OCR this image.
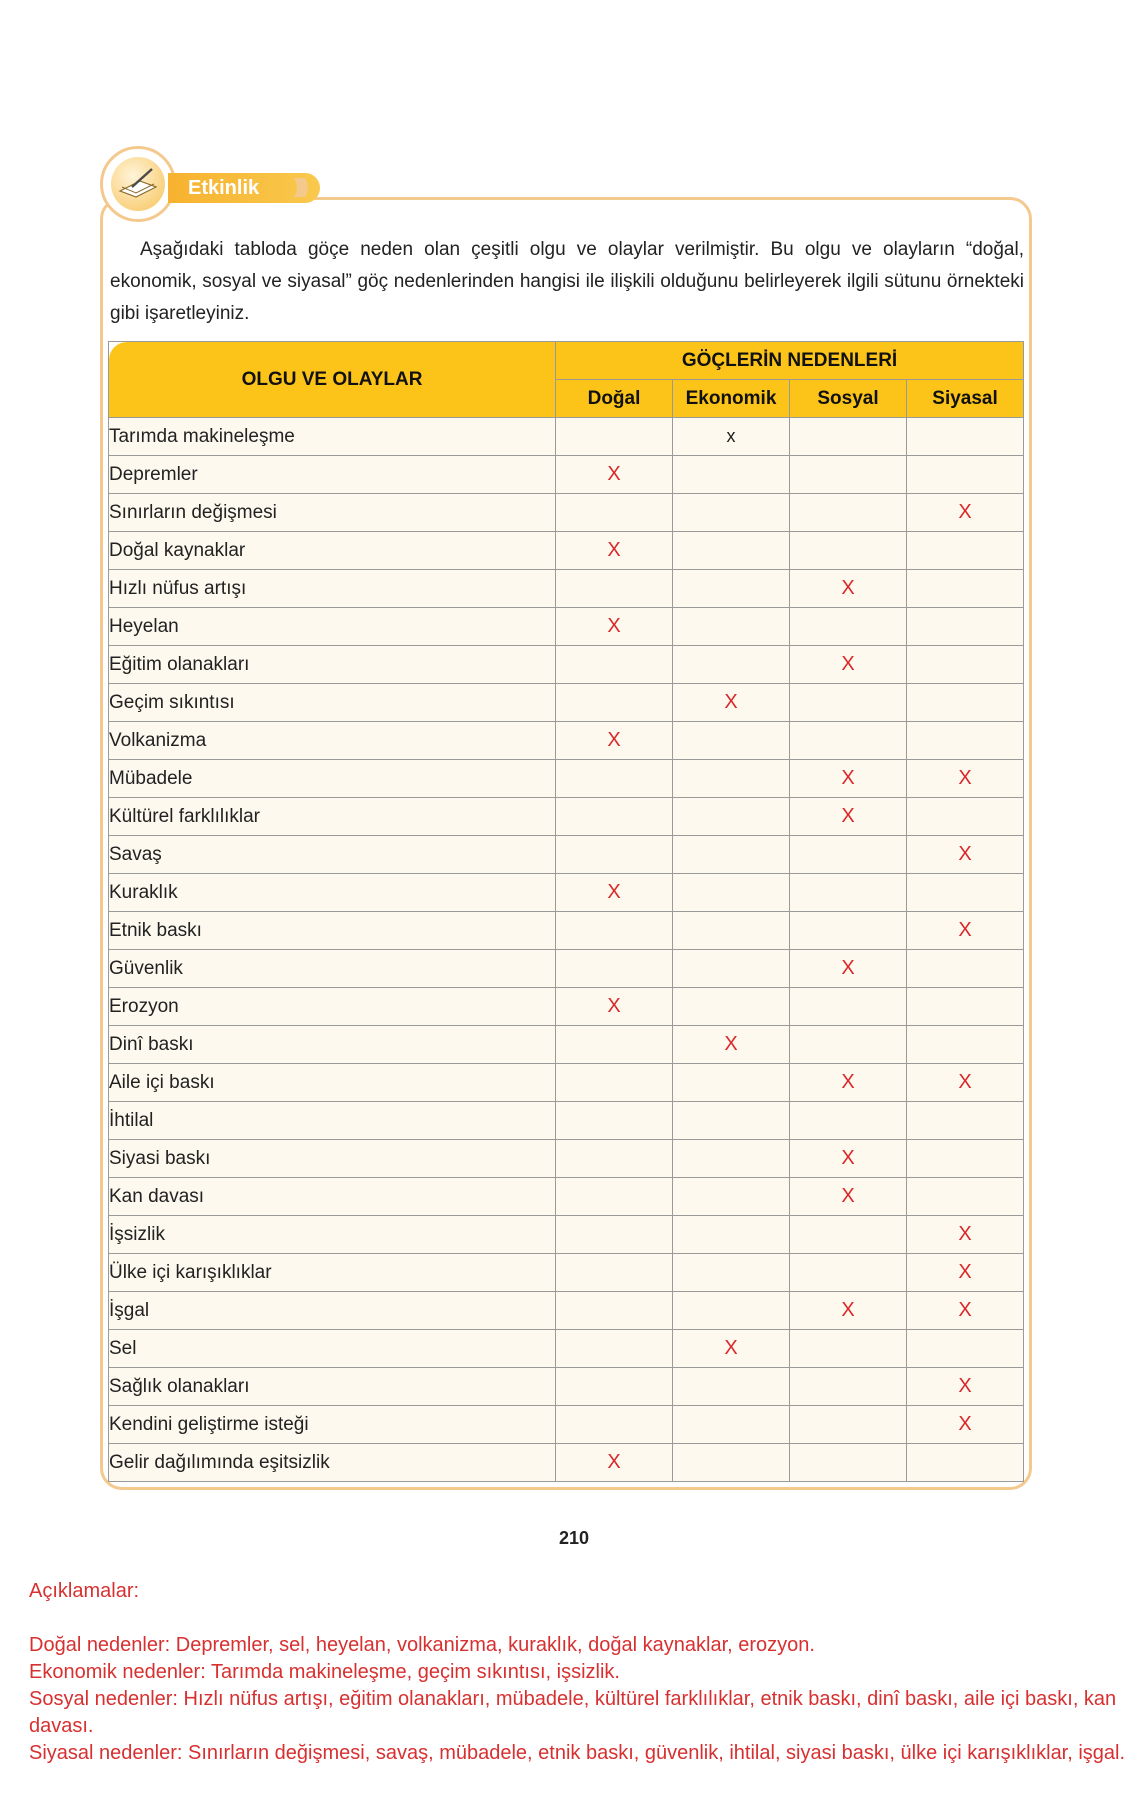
Etkinlik	))))

Aşağıdaki tabloda göçe neden olan çeşitli olgu ve olaylar verilmiştir. Bu olgu ve olayların “doğal, ekonomik, sosyal ve siyasal” göç nedenlerinden hangisi ile ilişkili olduğunu belirleyerek ilgili sütunu örnekteki gibi işaretleyiniz.

OLGU VE OLAYLAR	GÖÇLERİN NEDENLERİ			
	Doğal	Ekonomik	Sosyal	Siyasal
Tarımda makineleşme		x		
Depremler	X			
Sınırların değişmesi				X
Doğal kaynaklar	X			
Hızlı nüfus artışı			X	
Heyelan	X			
Eğitim olanakları			X	
Geçim sıkıntısı		X		
Volkanizma	X			
Mübadele			X	X
Kültürel farklılıklar			X	
Savaş				X
Kuraklık	X			
Etnik baskı				X
Güvenlik			X	
Erozyon	X			
Dinî baskı		X		
Aile içi baskı			X	X
İhtilal				
Siyasi baskı			X	
Kan davası			X	
İşsizlik				X
Ülke içi karışıklıklar				X
İşgal			X	X
Sel		X		
Sağlık olanakları				X
Kendini geliştirme isteği				X
Gelir dağılımında eşitsizlik	X			
210
Açıklamalar:

Doğal nedenler: Depremler, sel, heyelan, volkanizma, kuraklık, doğal kaynaklar, erozyon.

Ekonomik nedenler: Tarımda makineleşme, geçim sıkıntısı, işsizlik.

Sosyal nedenler: Hızlı nüfus artışı, eğitim olanakları, mübadele, kültürel farklılıklar, etnik baskı, dinî baskı, aile içi baskı, kan davası.

Siyasal nedenler: Sınırların değişmesi, savaş, mübadele, etnik baskı, güvenlik, ihtilal, siyasi baskı, ülke içi karışıklıklar, işgal.
